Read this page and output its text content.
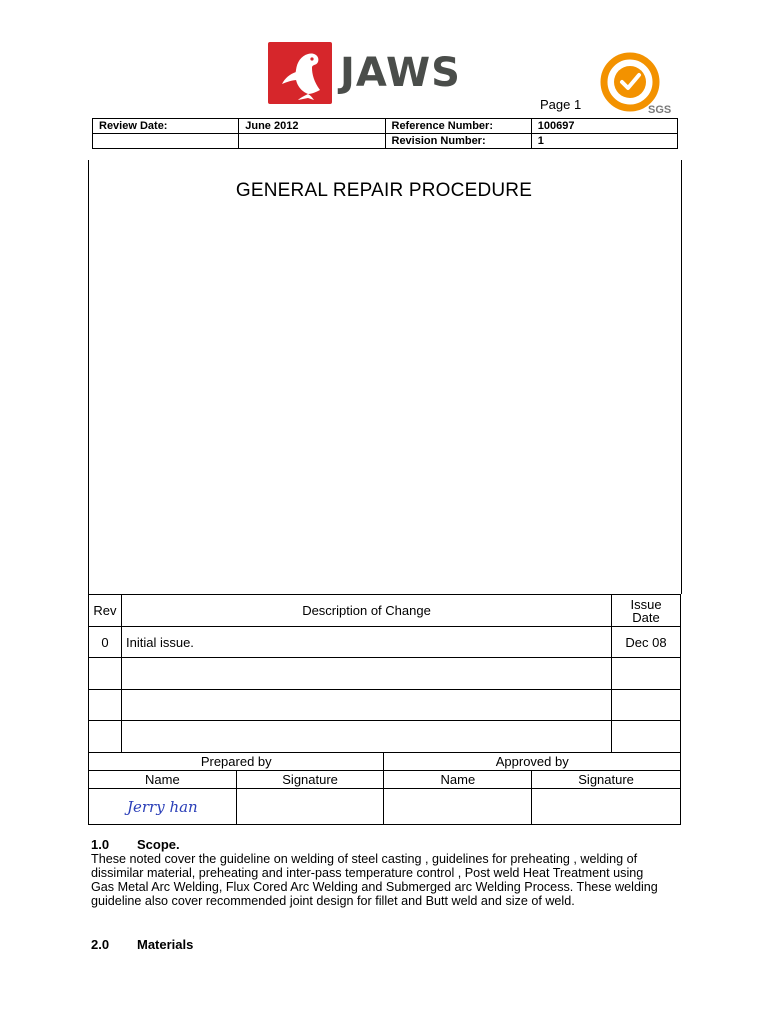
JAWS
SGS
Page 1
Review Date:	June 2012	Reference Number:	100697
		Revision Number:	1
GENERAL REPAIR PROCEDURE
Rev	Description of Change	Issue
Date
0	Initial issue.	Dec 08

Prepared by		Approved by	
Name	Signature	Name	Signature
Jerry han			
1.0 Scope.
These noted cover the guideline on welding of steel casting , guidelines for preheating , welding of
dissimilar material, preheating and inter-pass temperature control , Post weld Heat Treatment using
Gas Metal Arc Welding, Flux Cored Arc Welding and Submerged arc Welding Process. These welding
guideline also cover recommended joint design for fillet and Butt weld and size of weld.
2.0 Materials
